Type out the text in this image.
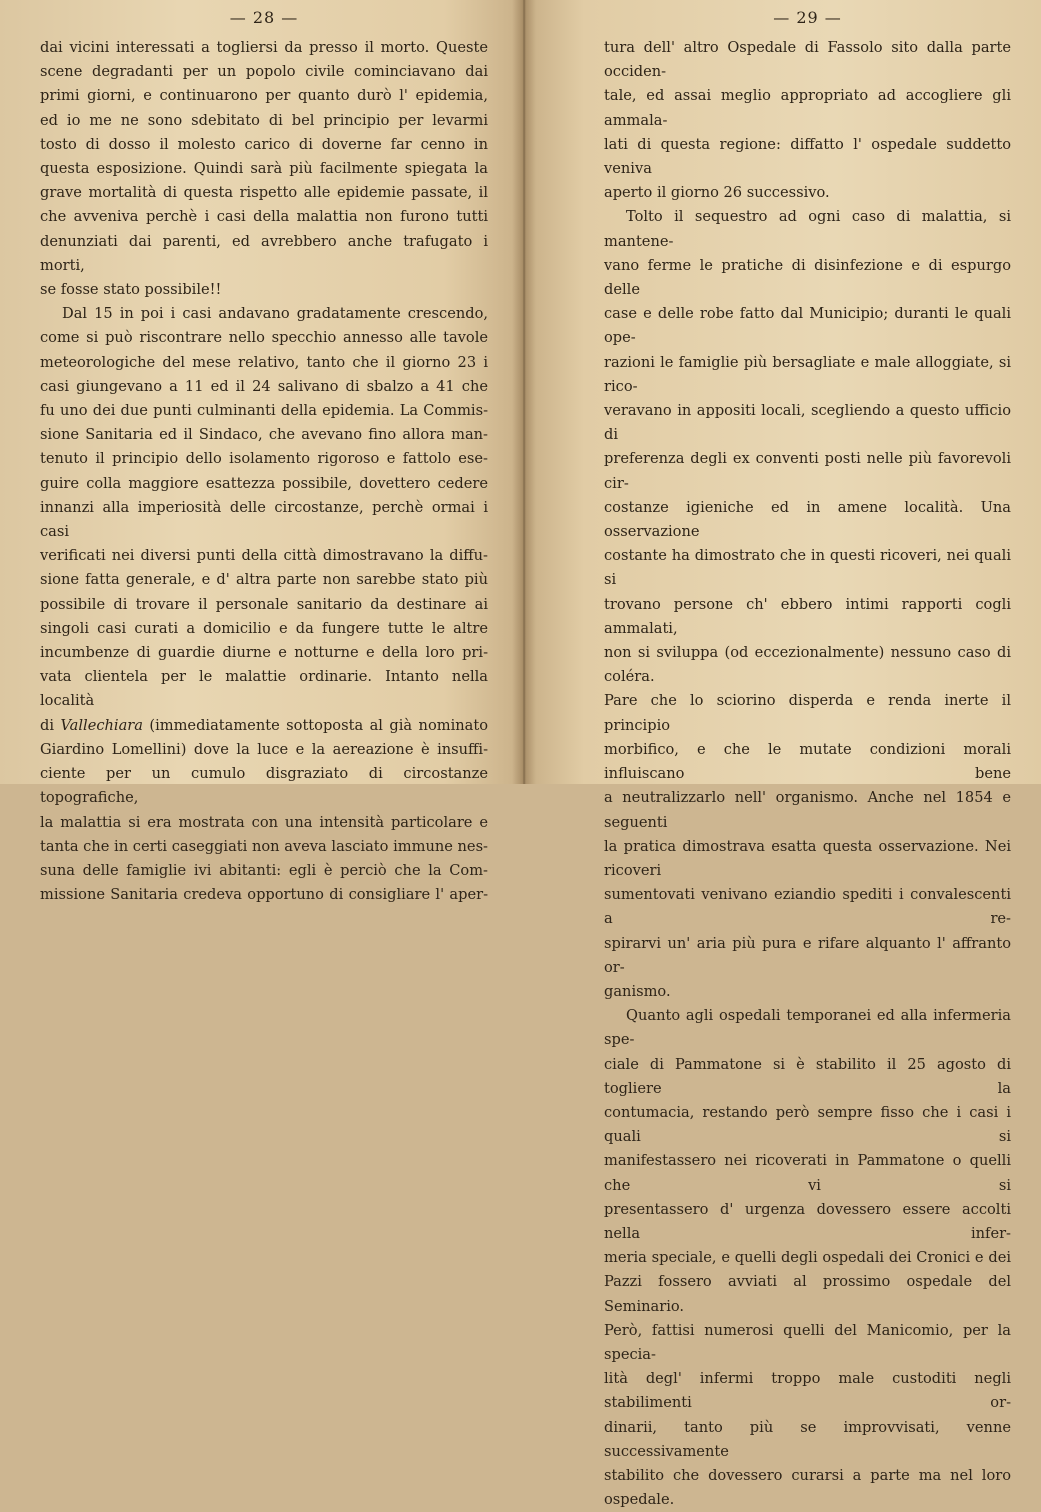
— 28 —

dai vicini interessati a togliersi da presso il morto. Queste

scene degradanti per un popolo civile cominciavano dai

primi giorni, e continuarono per quanto durò l' epidemia,

ed io me ne sono sdebitato di bel principio per levarmi

tosto di dosso il molesto carico di doverne far cenno in

questa esposizione. Quindi sarà più facilmente spiegata la

grave mortalità di questa rispetto alle epidemie passate, il

che avveniva perchè i casi della malattia non furono tutti

denunziati dai parenti, ed avrebbero anche trafugato i morti,

se fosse stato possibile!!

Dal 15 in poi i casi andavano gradatamente crescendo,

come si può riscontrare nello specchio annesso alle tavole

meteorologiche del mese relativo, tanto che il giorno 23 i

casi giungevano a 11 ed il 24 salivano di sbalzo a 41 che

fu uno dei due punti culminanti della epidemia. La Commis-

sione Sanitaria ed il Sindaco, che avevano fino allora man-

tenuto il principio dello isolamento rigoroso e fattolo ese-

guire colla maggiore esattezza possibile, dovettero cedere

innanzi alla imperiosità delle circostanze, perchè ormai i casi

verificati nei diversi punti della città dimostravano la diffu-

sione fatta generale, e d' altra parte non sarebbe stato più

possibile di trovare il personale sanitario da destinare ai

singoli casi curati a domicilio e da fungere tutte le altre

incumbenze di guardie diurne e notturne e della loro pri-

vata clientela per le malattie ordinarie. Intanto nella località

di Vallechiara (immediatamente sottoposta al già nominato

Giardino Lomellini) dove la luce e la aereazione è insuffi-

ciente per un cumulo disgraziato di circostanze topografiche,

la malattia si era mostrata con una intensità particolare e

tanta che in certi caseggiati non aveva lasciato immune nes-

suna delle famiglie ivi abitanti: egli è perciò che la Com-

missione Sanitaria credeva opportuno di consigliare l' aper-

— 29 —

tura dell' altro Ospedale di Fassolo sito dalla parte occiden-

tale, ed assai meglio appropriato ad accogliere gli ammala-

lati di questa regione: diffatto l' ospedale suddetto veniva

aperto il giorno 26 successivo.

Tolto il sequestro ad ogni caso di malattia, si mantene-

vano ferme le pratiche di disinfezione e di espurgo delle

case e delle robe fatto dal Municipio; duranti le quali ope-

razioni le famiglie più bersagliate e male alloggiate, si rico-

veravano in appositi locali, scegliendo a questo ufficio di

preferenza degli ex conventi posti nelle più favorevoli cir-

costanze igieniche ed in amene località. Una osservazione

costante ha dimostrato che in questi ricoveri, nei quali si

trovano persone ch' ebbero intimi rapporti cogli ammalati,

non si sviluppa (od eccezionalmente) nessuno caso di coléra.

Pare che lo sciorino disperda e renda inerte il principio

morbifico, e che le mutate condizioni morali influiscano bene

a neutralizzarlo nell' organismo. Anche nel 1854 e seguenti

la pratica dimostrava esatta questa osservazione. Nei ricoveri

sumentovati venivano eziandio spediti i convalescenti a re-

spirarvi un' aria più pura e rifare alquanto l' affranto or-

ganismo.

Quanto agli ospedali temporanei ed alla infermeria spe-

ciale di Pammatone si è stabilito il 25 agosto di togliere la

contumacia, restando però sempre fisso che i casi i quali si

manifestassero nei ricoverati in Pammatone o quelli che vi si

presentassero d' urgenza dovessero essere accolti nella infer-

meria speciale, e quelli degli ospedali dei Cronici e dei

Pazzi fossero avviati al prossimo ospedale del Seminario.

Però, fattisi numerosi quelli del Manicomio, per la specia-

lità degl' infermi troppo male custoditi negli stabilimenti or-

dinarii, tanto più se improvvisati, venne successivamente

stabilito che dovessero curarsi a parte ma nel loro ospedale.
